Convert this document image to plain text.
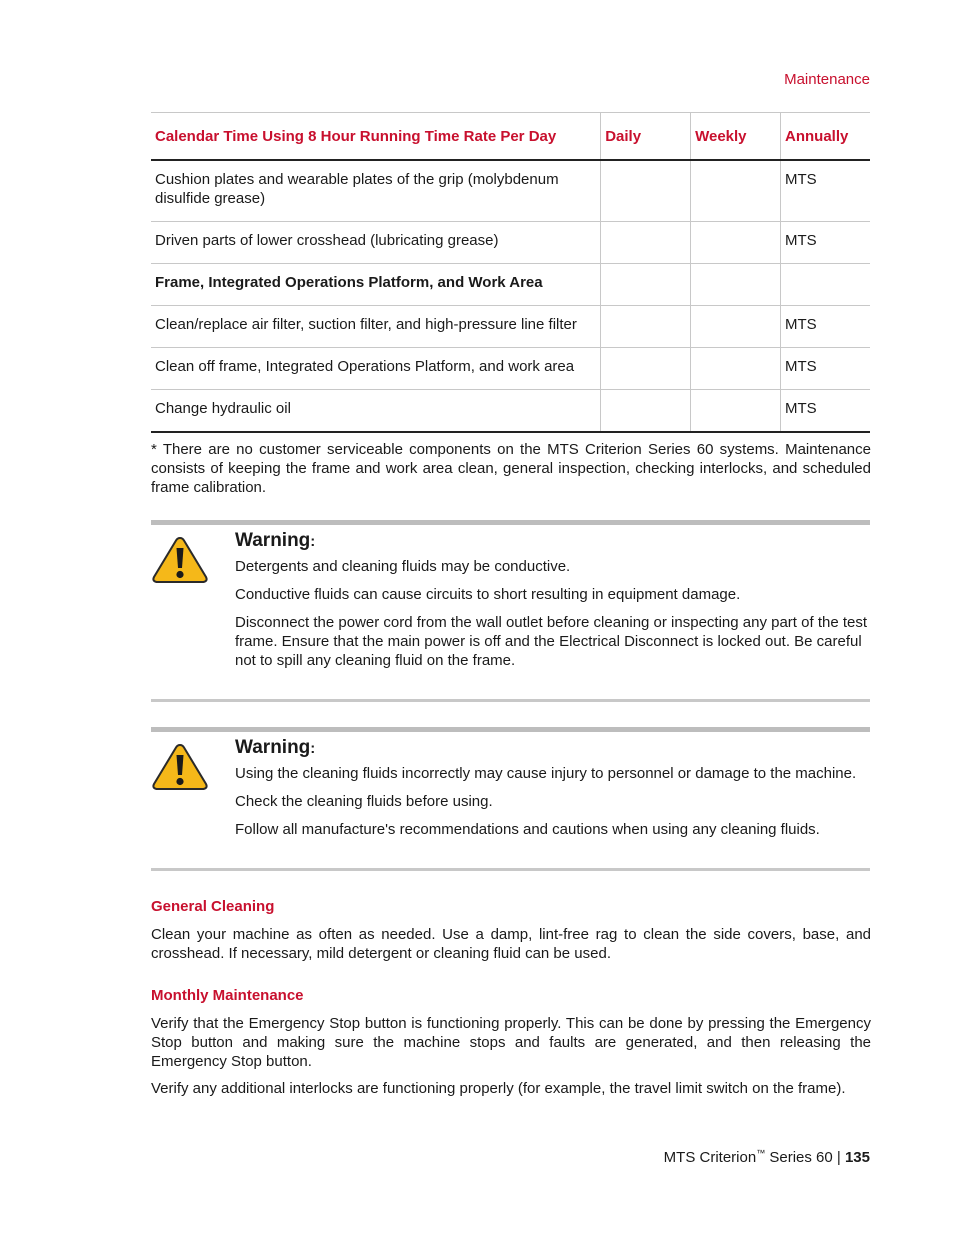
Maintenance
Calendar Time Using 8 Hour Running Time Rate Per Day	Daily	Weekly	Annually
Cushion plates and wearable plates of the grip (molybdenum disulfide grease)			MTS
Driven parts of lower crosshead (lubricating grease)			MTS
Frame, Integrated Operations Platform, and Work Area			
Clean/replace air filter, suction filter, and high-pressure line filter			MTS
Clean off frame, Integrated Operations Platform, and work area			MTS
Change hydraulic oil			MTS
* There are no customer serviceable components on the MTS Criterion Series 60 systems. Maintenance consists of keeping the frame and work area clean, general inspection, checking interlocks, and scheduled frame calibration.
Warning:

Detergents and cleaning fluids may be conductive.

Conductive fluids can cause circuits to short resulting in equipment damage.

Disconnect the power cord from the wall outlet before cleaning or inspecting any part of the test frame. Ensure that the main power is off and the Electrical Disconnect is locked out. Be careful not to spill any cleaning fluid on the frame.

Warning:

Using the cleaning fluids incorrectly may cause injury to personnel or damage to the machine.

Check the cleaning fluids before using.

Follow all manufacture's recommendations and cautions when using any cleaning fluids.

General Cleaning

Clean your machine as often as needed. Use a damp, lint-free rag to clean the side covers, base, and crosshead. If necessary, mild detergent or cleaning fluid can be used.

Monthly Maintenance

Verify that the Emergency Stop button is functioning properly. This can be done by pressing the Emergency Stop button and making sure the machine stops and faults are generated, and then releasing the Emergency Stop button.

Verify any additional interlocks are functioning properly (for example, the travel limit switch on the frame).

MTS Criterion™ Series 60 | 135
